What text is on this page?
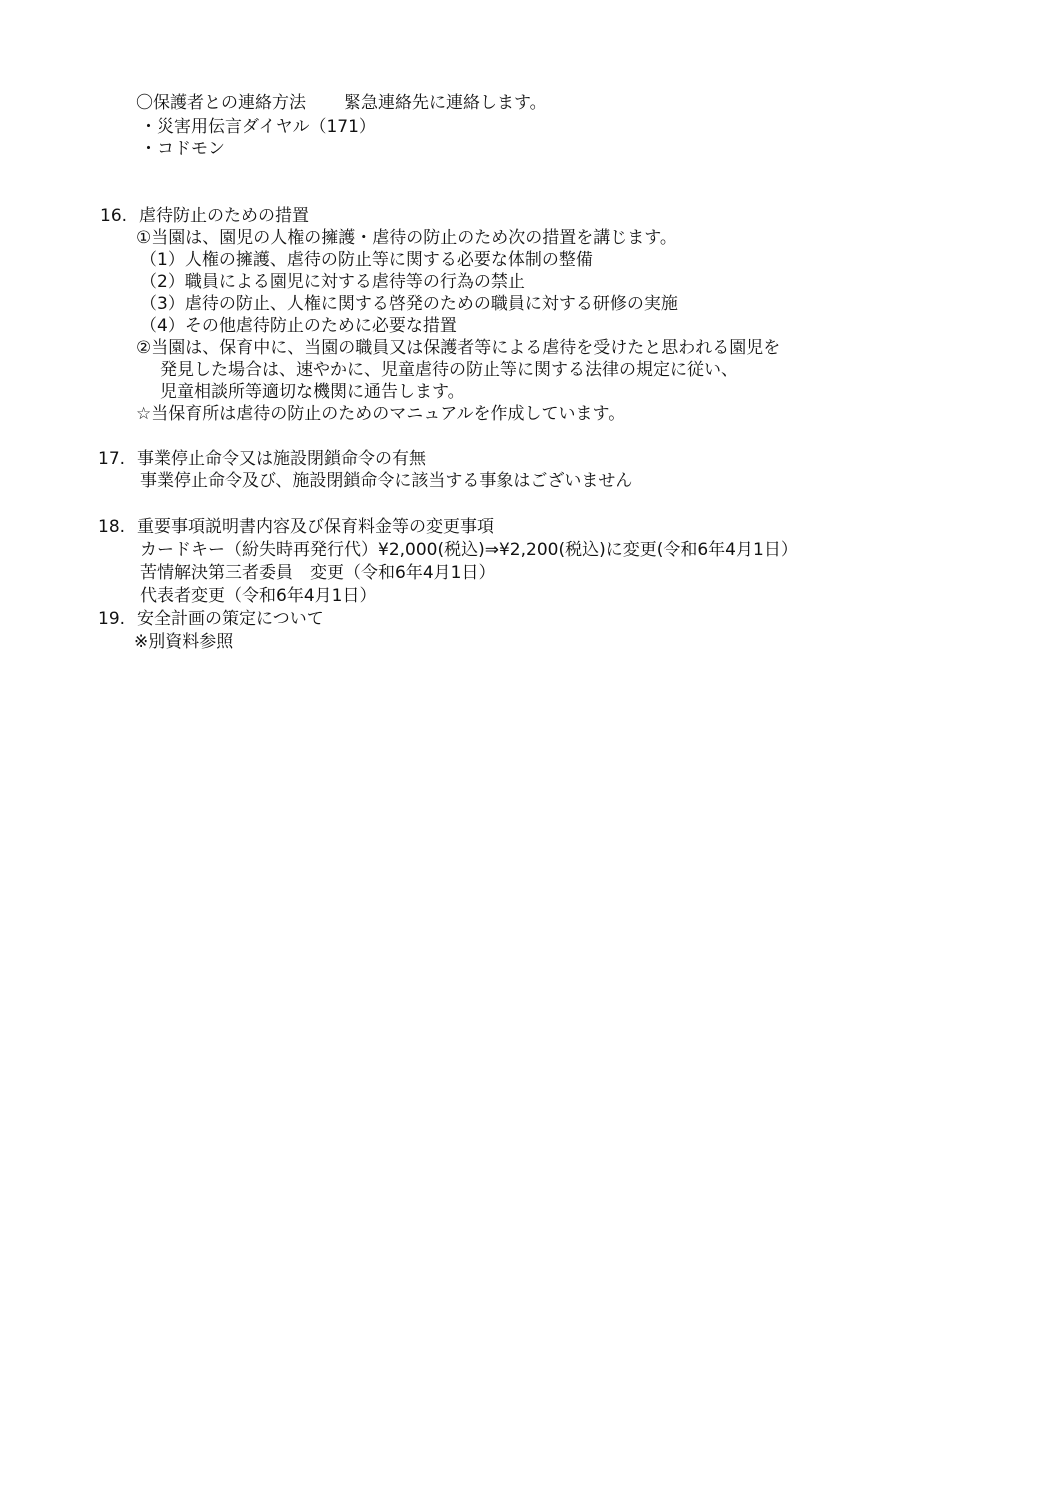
〇保護者との連絡方法 緊急連絡先に連絡します。
・災害用伝言ダイヤル（171）
・コドモン
16. 虐待防止のための措置
①当園は、園児の人権の擁護・虐待の防止のため次の措置を講じます。
（1）人権の擁護、虐待の防止等に関する必要な体制の整備
（2）職員による園児に対する虐待等の行為の禁止
（3）虐待の防止、人権に関する啓発のための職員に対する研修の実施
（4）その他虐待防止のために必要な措置
②当園は、保育中に、当園の職員又は保護者等による虐待を受けたと思われる園児を
発見した場合は、速やかに、児童虐待の防止等に関する法律の規定に従い、
児童相談所等適切な機関に通告します。
☆当保育所は虐待の防止のためのマニュアルを作成しています。
17. 事業停止命令又は施設閉鎖命令の有無
事業停止命令及び、施設閉鎖命令に該当する事象はございません
18. 重要事項説明書内容及び保育料金等の変更事項
カードキー（紛失時再発行代）¥2,000(税込)⇒¥2,200(税込)に変更(令和6年4月1日）
苦情解決第三者委員　変更（令和6年4月1日）
代表者変更（令和6年4月1日）
19. 安全計画の策定について
※別資料参照
